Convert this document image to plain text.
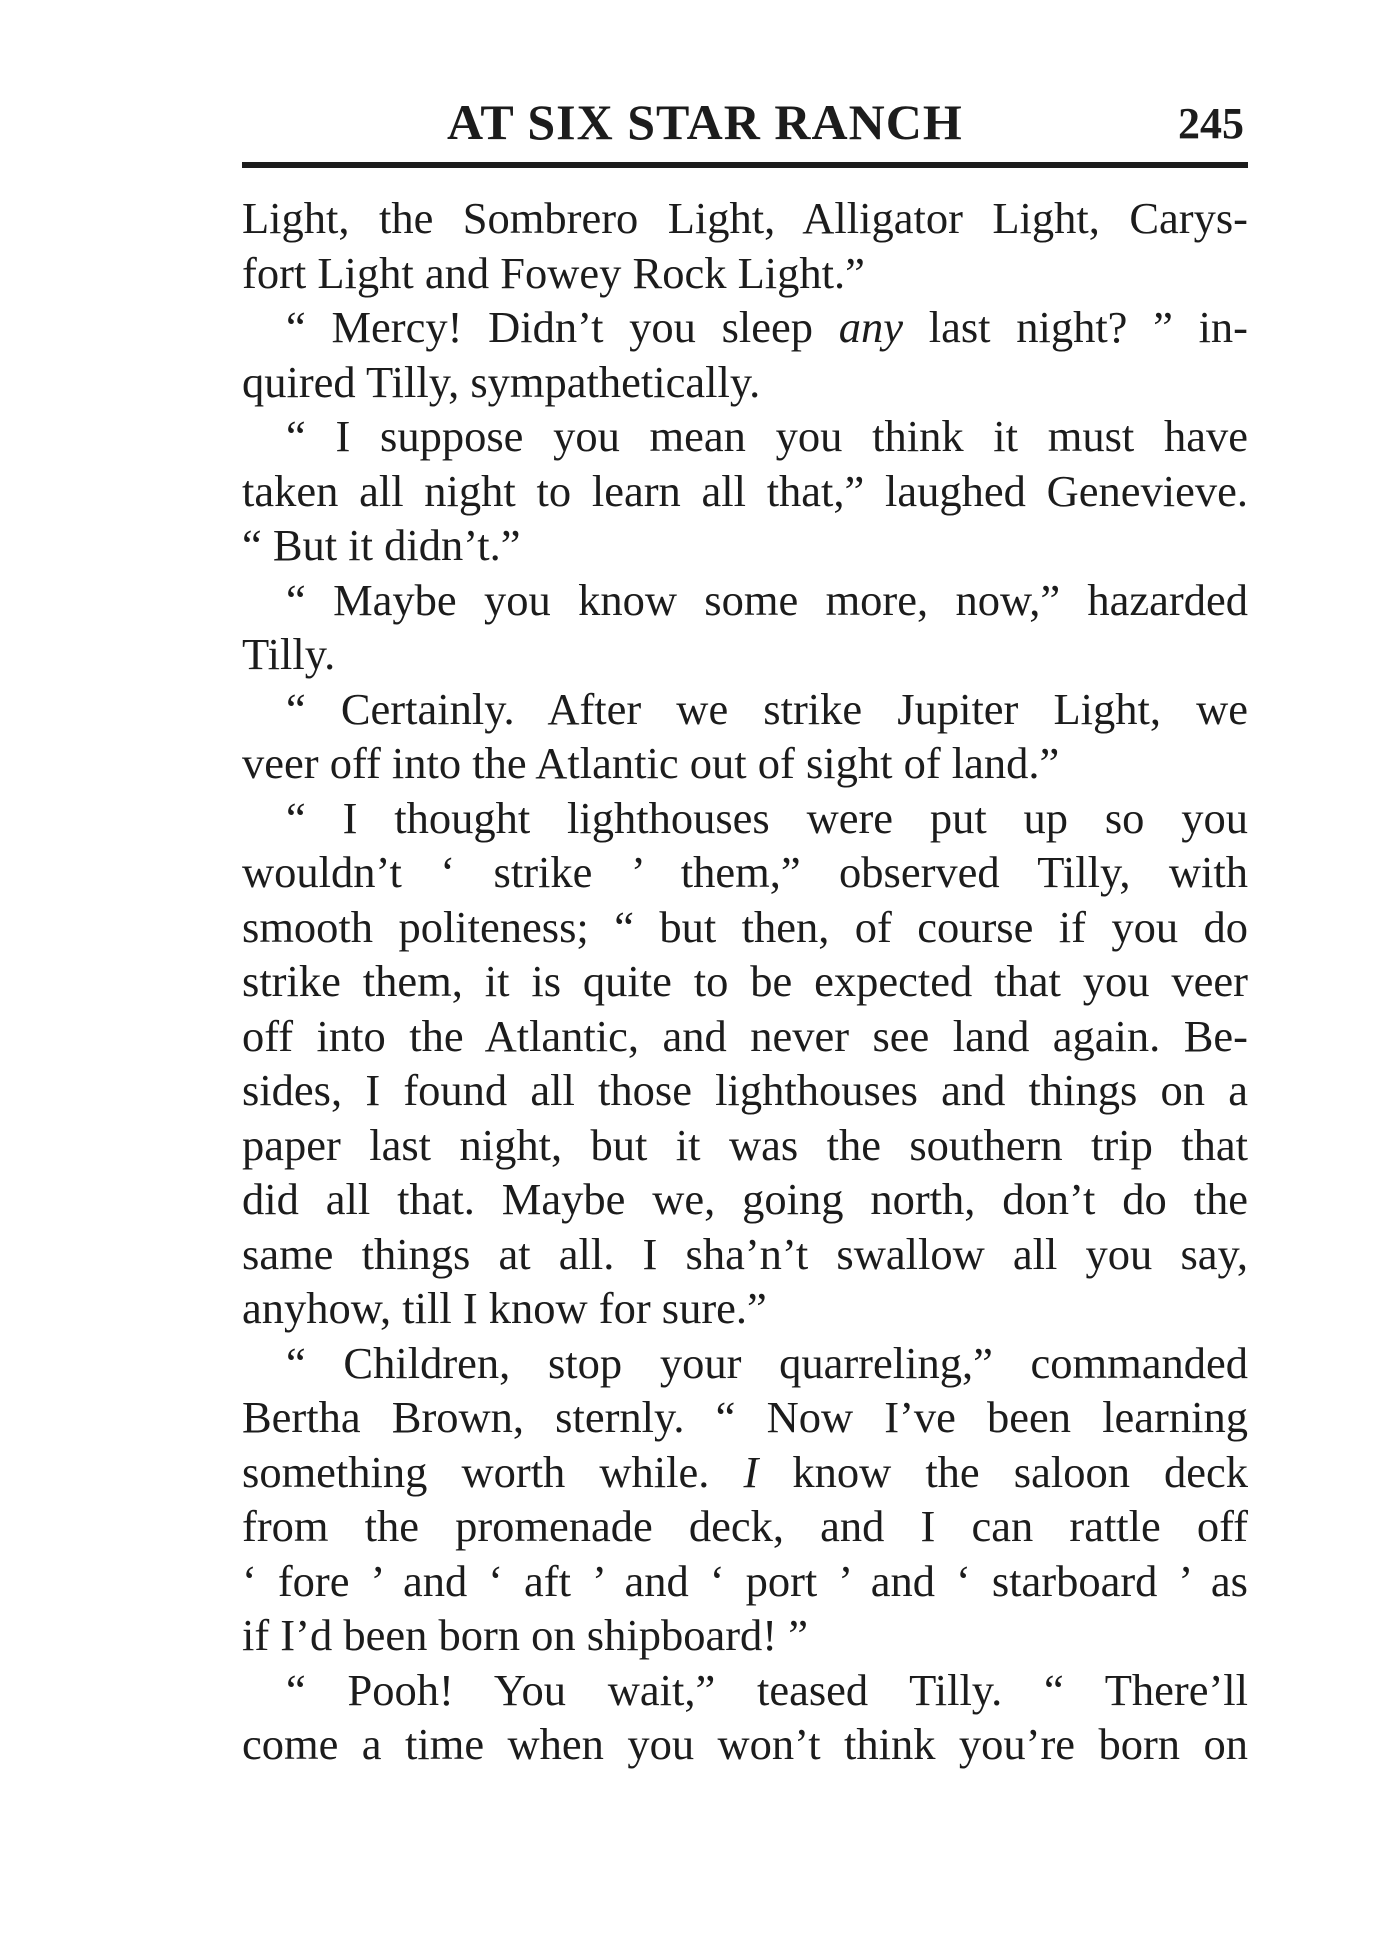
AT SIX STAR RANCH	245
Light, the Sombrero Light, Alligator Light, Carys-
fort Light and Fowey Rock Light.”
“ Mercy! Didn’t you sleep any last night? ” in-
quired Tilly, sympathetically.
“ I suppose you mean you think it must have
taken all night to learn all that,” laughed Genevieve.
“ But it didn’t.”
“ Maybe you know some more, now,” hazarded
Tilly.
“ Certainly. After we strike Jupiter Light, we
veer off into the Atlantic out of sight of land.”
“ I thought lighthouses were put up so you
wouldn’t ‘ strike ’ them,” observed Tilly, with
smooth politeness; “ but then, of course if you do
strike them, it is quite to be expected that you veer
off into the Atlantic, and never see land again. Be-
sides, I found all those lighthouses and things on a
paper last night, but it was the southern trip that
did all that. Maybe we, going north, don’t do the
same things at all. I sha’n’t swallow all you say,
anyhow, till I know for sure.”
“ Children, stop your quarreling,” commanded
Bertha Brown, sternly. “ Now I’ve been learning
something worth while. I know the saloon deck
from the promenade deck, and I can rattle off
‘ fore ’ and ‘ aft ’ and ‘ port ’ and ‘ starboard ’ as
if I’d been born on shipboard! ”
“ Pooh! You wait,” teased Tilly. “ There’ll
come a time when you won’t think you’re born on
